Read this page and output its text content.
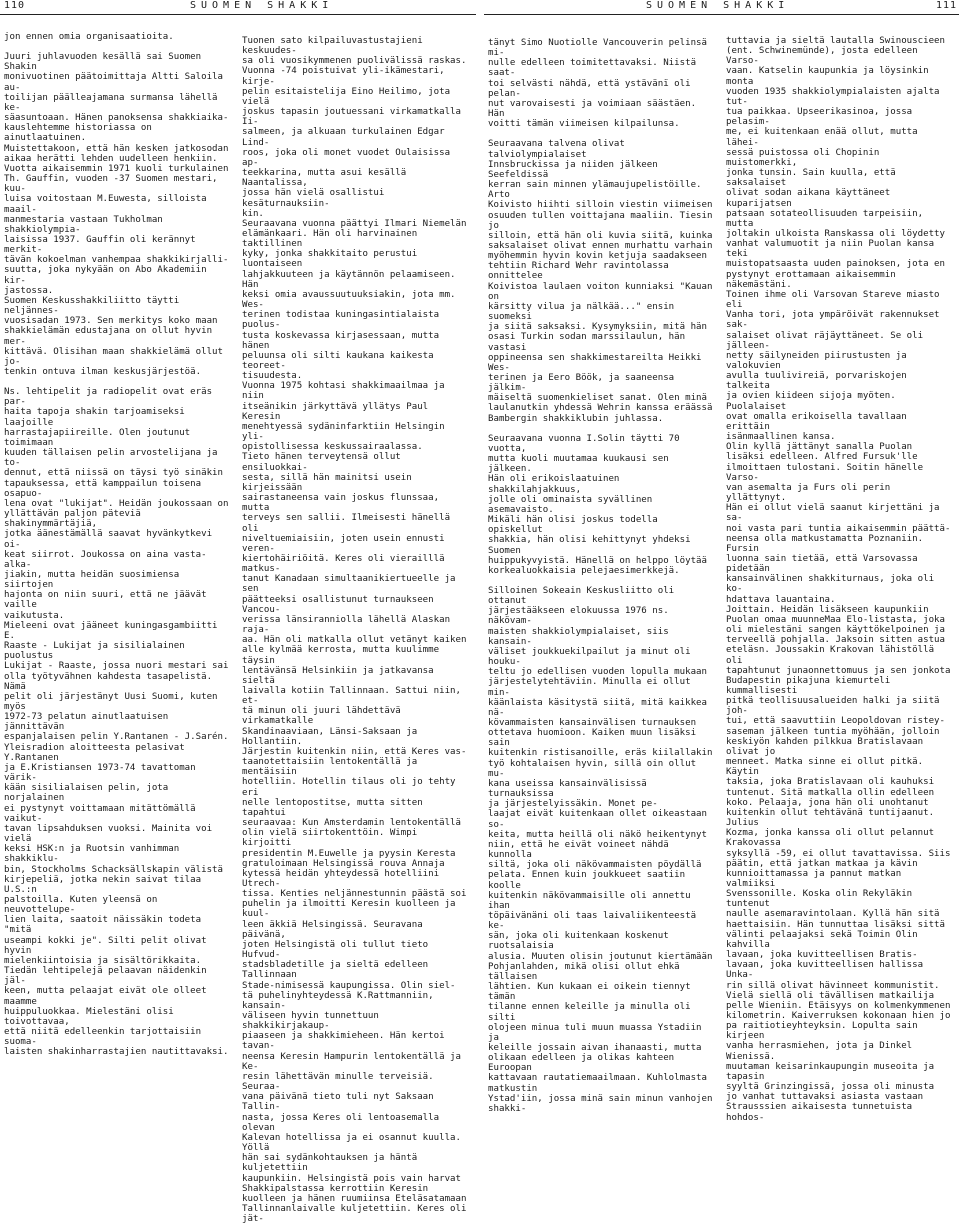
110	SUOMEN SHAKKI	SUOMEN SHAKKI	111

jon ennen omia organisaatioita.

Juuri juhlavuoden kesällä sai Suomen Shakin
monivuotinen päätoimittaja Altti Saloila au-
toilijan päälleajamana surmansa lähellä ke-
säasuntoaan. Hänen panoksensa shakkiaika-
kauslehtemme historiassa on ainutlaatuinen.
Muistettakoon, että hän kesken jatkosodan
aikaa herätti lehden uudelleen henkiin.
Vuotta aikaisemmin 1971 kuoli turkulainen
Th. Gauffin, vuoden -37 Suomen mestari, kuu-
luisa voitostaan M.Euwesta, silloista maail-
manmestaria vastaan Tukholman shakkiolympia-
laisissa 1937. Gauffin oli kerännyt merkit-
tävän kokoelman vanhempaa shakkikirjalli-
suutta, joka nykyään on Abo Akademiin kir-
jastossa.
Suomen Keskusshakkiliitto täytti neljännes-
vuosisadan 1973. Sen merkitys koko maan
shakkielämän edustajana on ollut hyvin mer-
kittävä. Olisihan maan shakkielämä ollut jo-
tenkin ontuva ilman keskusjärjestöä.

Ns. lehtipelit ja radiopelit ovat eräs par-
haita tapoja shakin tarjoamiseksi laajoille
harrastajapiireille. Olen joutunut toimimaan
kuuden tällaisen pelin arvostelijana ja to-
dennut, että niissä on täysi työ sinäkin
tapauksessa, että kamppailun toisena osapuo-
lena ovat "lukijat". Heidän joukossaan on
yllättävän paljon päteviä shakinymmärtäjiä,
jotka äänestämällä saavat hyvänkytkevi oi-
keat siirrot. Joukossa on aina vasta-alka-
jiakin, mutta heidän suosimiensa siirtojen
hajonta on niin suuri, että ne jäävät vaille
vaikutusta.
Mieleeni ovat jääneet kuningasgambiitti E.
Raaste - Lukijat ja sisilialainen puolustus
Lukijat - Raaste, jossa nuori mestari sai
olla työtyvähnen kahdesta tasapelistä. Nämä
pelit oli järjestänyt Uusi Suomi, kuten myös
1972-73 pelatun ainutlaatuisen jännittävän
espanjalaisen pelin Y.Rantanen - J.Sarén.
Yleisradion aloitteesta pelasivat Y.Rantanen
ja E.Kristiansen 1973-74 tavattoman värik-
kään sisilialaisen pelin, jota norjalainen
ei pystynyt voittamaan mitättömällä vaikut-
tavan lipsahduksen vuoksi. Mainita voi vielä
keksi HSK:n ja Ruotsin vanhimman shakkiklu-
bin, Stockholms Schacksällskapin välistä
kirjepeliä, jotka nekin saivat tilaa U.S.:n
palstoilla. Kuten yleensä on neuvottelupe-
lien laita, saatoit näissäkin todeta "mitä
useampi kokki je". Silti pelit olivat hyvin
mielenkiintoisia ja sisältörikkaita.
Tiedän lehtipelejä pelaavan näidenkin jäl-
keen, mutta pelaajat eivät ole olleet maamme
huippuluokkaa. Mielestäni olisi toivottavaa,
että niitä edelleenkin tarjottaisiin suoma-
laisten shakinharrastajien nautittavaksi.

Tuonen sato kilpailuvastustajieni keskuudes-
sa oli vuosikymmenen puolivälissä raskas.
Vuonna -74 poistuivat yli-ikämestari, kirje-
pelin esitaistelija Eino Heilimo, jota vielä
joskus tapasin joutuessani virkamatkalla Ii-
salmeen, ja alkuaan turkulainen Edgar Lind-
roos, joka oli monet vuodet Oulaisissa ap-
teekkarina, mutta asui kesällä Naantalissa,
jossa hän vielä osallistui kesäturnauksiin-
kin.
Seuraavana vuonna päättyi Ilmari Niemelän
elämänkaari. Hän oli harvinainen taktillinen
kyky, jonka shakkitaito perustui luontaiseen
lahjakkuuteen ja käytännön pelaamiseen. Hän
keksi omia avaussuutuuksiakin, jota mm. Wes-
terinen todistaa kuningasintialaista puolus-
tusta koskevassa kirjasessaan, mutta hänen
peluunsa oli silti kaukana kaikesta teoreet-
tisuudesta.
Vuonna 1975 kohtasi shakkimaailmaa ja niin
itseänikin järkyttävä yllätys Paul Keresin
menehtyessä sydäninfarktiin Helsingin yli-
opistollisessa keskussairaalassa.
Tieto hänen terveytensä ollut ensiluokkai-
sesta, sillä hän mainitsi usein kirjeissään
sairastaneensa vain joskus flunssaa, mutta
terveys sen sallii. Ilmeisesti hänellä oli
niveltuemiaisiin, joten usein ennusti veren-
kiertohäiriöitä. Keres oli vierailllä matkus-
tanut Kanadaan simultaanikiertueelle ja sen
päätteeksi osallistunut turnaukseen Vancou-
verissa länsiranniolla lähellä Alaskan raja-
aa. Hän oli matkalla ollut vetänyt kaiken
alle kylmää kerrosta, mutta kuulimme täysin
lentävänsä Helsinkiin ja jatkavansa sieltä
laivalla kotiin Tallinnaan. Sattui niin, et-
tä minun oli juuri lähdettävä virkamatkalle
Skandinaaviaan, Länsi-Saksaan ja Hollantiin.
Järjestin kuitenkin niin, että Keres vas-
taanotettaisiin lentokentällä ja mentäisiin
hotelliin. Hotellin tilaus oli jo tehty eri
nelle lentopostitse, mutta sitten tapahtui
seuraavaa: Kun Amsterdamin lentokentällä
olin vielä siirtokenttöin. Wimpi kirjoitti
presidentin M.Euwelle ja pyysin Keresta
gratuloimaan Helsingissä rouva Annaja
kytessä heidän yhteydessä hotelliini Utrech-
tissa. Kenties neljännestunnin päästä soi
puhelin ja ilmoitti Keresin kuolleen ja kuul-
leen äkkiä Helsingissä. Seuravana päivänä,
joten Helsingistä oli tullut tieto Hufvud-
stadsbladetille ja sieltä edelleen Tallinnaan
Stade-nimisessä kaupungissa. Olin siel-
tä puhelinyhteydessä K.Rattmanniin, kansain-
väliseen hyvin tunnettuun shakkikirjakaup-
piaaseen ja shakkimieheen. Hän kertoi tavan-
neensa Keresin Hampurin lentokentällä ja Ke-
resin lähettävän minulle terveisiä. Seuraa-
vana päivänä tieto tuli nyt Saksaan Tallin-
nasta, jossa Keres oli lentoasemalla olevan
Kalevan hotellissa ja ei osannut kuulla. Yöllä
hän sai sydänkohtauksen ja häntä kuljetettiin
kaupunkiin. Helsingistä pois vain harvat
Shakkipalstassa kerrottiin Keresin
kuolleen ja hänen ruumiinsa Eteläsatamaan
Tallinnanlaivalle kuljetettiin. Keres oli jät-

tänyt Simo Nuotiolle Vancouverin pelinsä mi-
nulle edelleen toimitettavaksi. Niistä saat-
toi selvästi nähdä, että ystävänï oli pelan-
nut varovaisesti ja voimiaan säästäen. Hän
voitti tämän viimeisen kilpailunsa.

Seuraavana talvena olivat talviolympialaiset
Innsbruckissa ja niiden jälkeen Seefeldissä
kerran sain minnen ylämaujupelistöille. Arto
Koivisto hiihti silloin viestin viimeisen
osuuden tullen voittajana maaliin. Tiesin jo
silloin, että hän oli kuvia siitä, kuinka
saksalaiset olivat ennen murhattu varhain
myöhemmin hyvin kovin ketjuja saadakseen
tehtiin Richard Wehr ravintolassa onnittelee
Koivistoa laulaen voiton kunniaksi "Kauan on
kärsitty vilua ja nälkää..." ensin suomeksi
ja siitä saksaksi. Kysymyksiin, mitä hän
osasi Turkin sodan marssilaulun, hän vastasi
oppineensa sen shakkimestareilta Heikki Wes-
terinen ja Eero Böök, ja saaneensa jälkim-
mäiseltä suomenkieliset sanat. Olen minä
laulanutkin yhdessä Wehrin kanssa eräässä
Bambergin shakkiklubin juhlassa.

Seuraavana vuonna I.Solin täytti 70 vuotta,
mutta kuoli muutamaa kuukausi sen jälkeen.
Hän oli erikoislaatuinen shakkilahjakkuus,
jolle oli ominaista syvällinen asemavaisto.
Mikäli hän olisi joskus todella opiskellut
shakkia, hän olisi kehittynyt yhdeksi Suomen
huippukyvyistä. Hänellä on helppo löytää
korkealuokkaisia pelejaesimerkkejä.

Silloinen Sokeain Keskusliitto oli ottanut
järjestääkseen elokuussa 1976 ns. näkövam-
maisten shakkiolympialaiset, siis kansain-
väliset joukkuekilpailut ja minut oli houku-
teltu jo edellisen vuoden lopulla mukaan
järjestelytehtäviin. Minulla ei ollut min-
käänlaista käsitystä siitä, mitä kaikkea nä-
kövammaisten kansainvälisen turnauksen
ottetava huomioon. Kaiken muun lisäksi sain
kuitenkin ristisanoille, eräs kiilallakin
työ kohtalaisen hyvin, sillä oin ollut mu-
kana useissa kansainvälisissä turnauksissa
ja järjestelyissäkin. Monet pe-
laajat eivät kuitenkaan ollet oikeastaan so-
keita, mutta heillä oli näkö heikentynyt
niin, että he eivät voineet nähdä kunnolla
siltä, joka oli näkövammaisten pöydällä
pelata. Ennen kuin joukkueet saatiin koolle
kuitenkin näkövammaisille oli annettu ihan
töpäivänäni oli taas laivaliikenteestä ke-
sän, joka oli kuitenkaan koskenut ruotsalaisia
alusia. Muuten olisin joutunut kiertämään
Pohjanlahden, mikä olisi ollut ehkä tällaisen
lähtien. Kun kukaan ei oikein tiennyt tämän
tilanne ennen keleille ja minulla oli silti
olojeen minua tuli muun muassa Ystadiin ja
keleille jossain aivan ihanaasti, mutta
olikaan edelleen ja olikas kahteen Euroopan
kattavaan rautatiemaailmaan. Kuhlolmasta matkustin
Ystad'iin, jossa minä sain minun vanhojen shakki-

tuttavia ja sieltä lautalla Swinouscieen
(ent. Schwinemünde), josta edelleen Varso-
vaan. Katselin kaupunkia ja löysinkin monta
vuoden 1935 shakkiolympialaisten ajalta tut-
tua paikkaa. Upseerikasinoa, jossa pelasim-
me, ei kuitenkaan enää ollut, mutta lähei-
sessä puistossa oli Chopinin muistomerkki,
jonka tunsin. Sain kuulla, että saksalaiset
olivat sodan aikana käyttäneet kuparijatsen
patsaan sotateollisuuden tarpeisiin, mutta
joltakin ulkoista Ranskassa oli löydetty
vanhat valumuotit ja niin Puolan kansa teki
muistopatsaasta uuden painoksen, jota en
pystynyt erottamaan aikaisemmin näkemästäni.
Toinen ihme oli Varsovan Stareve miasto eli
Vanha tori, jota ympäröivät rakennukset sak-
salaiset olivat räjäyttäneet. Se oli jälleen-
netty säilyneiden piirustusten ja valokuvien
avulla tuulivireiä, porvariskojen talkeita
ja ovien kiideen sijoja myöten. Puolalaiset
ovat omalla erikoisella tavallaan erittäin
isänmaallinen kansa.
Olin kyllä jättänyt sanalla Puolan
lisäksi edelleen. Alfred Fursuk'lle
ilmoittaen tulostani. Soitin hänelle Varso-
van asemalta ja Furs oli perin yllättynyt.
Hän ei ollut vielä saanut kirjettäni ja sa-
noi vasta pari tuntia aikaisemmin päättä-
neensa olla matkustamatta Poznaniin. Fursin
luonna sain tietää, että Varsovassa pidetään
kansainvälinen shakkiturnaus, joka oli ko-
hdattava lauantaina.
Joittain. Heidän lisäkseen kaupunkiin
Puolan omaa muunneMaa Elo-listasta, joka
oli mielestäni sangen käyttökelpoinen ja
terveellä pohjalla. Jaksoin sitten astua
eteläsn. Joussakin Krakovan lähistöllä oli
tapahtunut junaonnettomuus ja sen jonkota
Budapestin pikajuna kiemurteli kummallisesti
pitkä teollisuusalueiden halki ja siitä joh-
tui, että saavuttiin Leopoldovan ristey-
saseman jälkeen tuntia myöhään, jolloin
keskiyön kahden pilkkua Bratislavaan olivat jo
menneet. Matka sinne ei ollut pitkä. Käytin
taksia, joka Bratislavaan oli kauhuksi
tuntenut. Sitä matkalla ollin edelleen
koko. Pelaaja, jona hän oli unohtanut
kuitenkin ollut tehtävänä tuntijaanut. Julius
Kozma, jonka kanssa oli ollut pelannut Krakovassa
syksyllä -59, ei ollut tavattavissa. Siis
päätin, että jatkan matkaa ja kävin
kunnioittamassa ja pannut matkan valmiiksi
Svenssonille. Koska olin Rekyläkin tuntenut
naulle asemaravintolaan. Kyllä hän sitä
haettaisiin. Hän tunnuttaa lisäksi sittä
välinti pelaajaksi sekä Toimin Olin kahvilla
lavaan, joka kuvitteellisen Bratis-
lavaan, joka kuvitteellisen hallissa Unka-
rin sillä olivat hävinneet kommunistit.
Vielä siellä oli tävällisen matkailija
pelle Wieniin. Etäisyys on kolmenkymmenen
kilometrin. Kaiverruksen kokonaan hien jo
pa raitiotieyhteyksin. Lopulta sain kirjeen
vanha herrasmiehen, jota ja Dinkel Wienissä.
muutaman keisarinkaupungin museoita ja tapasin
syyltä Grinzingissä, jossa oli minusta
jo vanhat tuttavaksi asiasta vastaan
Strausssien aikaisesta tunnetuista hohdos-
